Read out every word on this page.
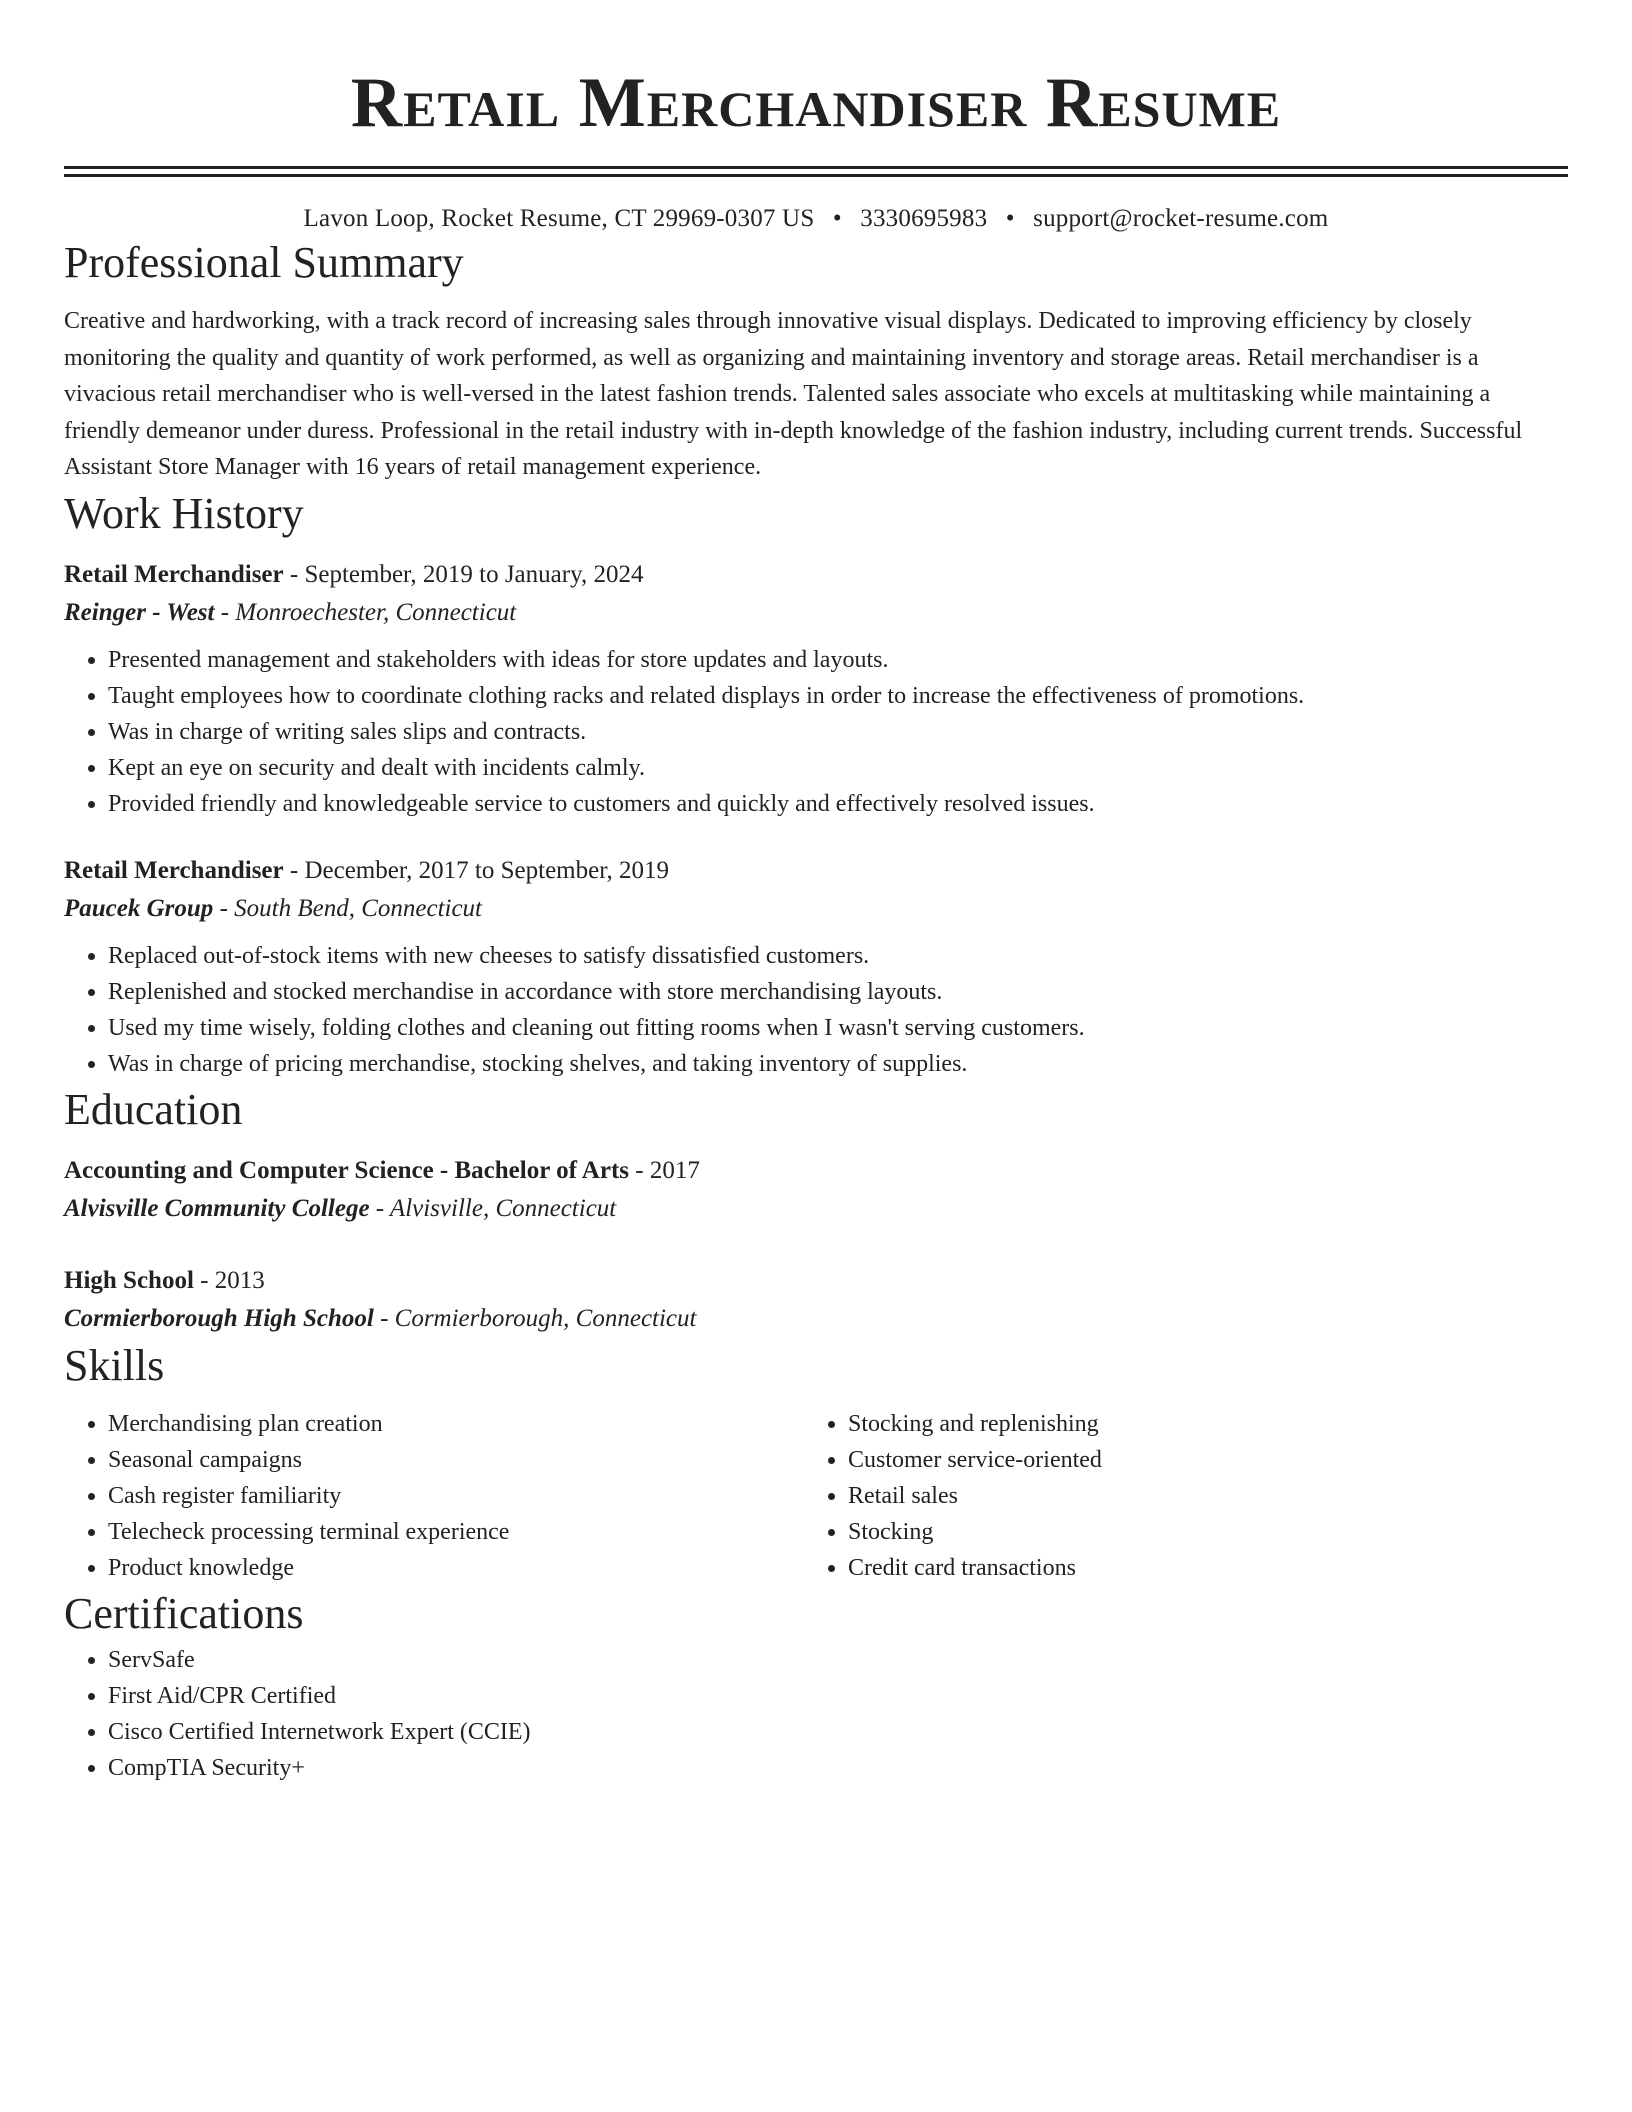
Retail Merchandiser Resume
Lavon Loop, Rocket Resume, CT 29969-0307 US • 3330695983 • support@rocket-resume.com
Professional Summary
Creative and hardworking, with a track record of increasing sales through innovative visual displays. Dedicated to improving efficiency by closely monitoring the quality and quantity of work performed, as well as organizing and maintaining inventory and storage areas. Retail merchandiser is a vivacious retail merchandiser who is well-versed in the latest fashion trends. Talented sales associate who excels at multitasking while maintaining a friendly demeanor under duress. Professional in the retail industry with in-depth knowledge of the fashion industry, including current trends. Successful Assistant Store Manager with 16 years of retail management experience.
Work History
Retail Merchandiser - September, 2019 to January, 2024
Reinger - West - Monroechester, Connecticut
• Presented management and stakeholders with ideas for store updates and layouts.
• Taught employees how to coordinate clothing racks and related displays in order to increase the effectiveness of promotions.
• Was in charge of writing sales slips and contracts.
• Kept an eye on security and dealt with incidents calmly.
• Provided friendly and knowledgeable service to customers and quickly and effectively resolved issues.
Retail Merchandiser - December, 2017 to September, 2019
Paucek Group - South Bend, Connecticut
• Replaced out-of-stock items with new cheeses to satisfy dissatisfied customers.
• Replenished and stocked merchandise in accordance with store merchandising layouts.
• Used my time wisely, folding clothes and cleaning out fitting rooms when I wasn't serving customers.
• Was in charge of pricing merchandise, stocking shelves, and taking inventory of supplies.
Education
Accounting and Computer Science - Bachelor of Arts - 2017
Alvisville Community College - Alvisville, Connecticut
High School - 2013
Cormierborough High School - Cormierborough, Connecticut
Skills
• Merchandising plan creation
• Seasonal campaigns
• Cash register familiarity
• Telecheck processing terminal experience
• Product knowledge
• Stocking and replenishing
• Customer service-oriented
• Retail sales
• Stocking
• Credit card transactions
Certifications
• ServSafe
• First Aid/CPR Certified
• Cisco Certified Internetwork Expert (CCIE)
• CompTIA Security+
